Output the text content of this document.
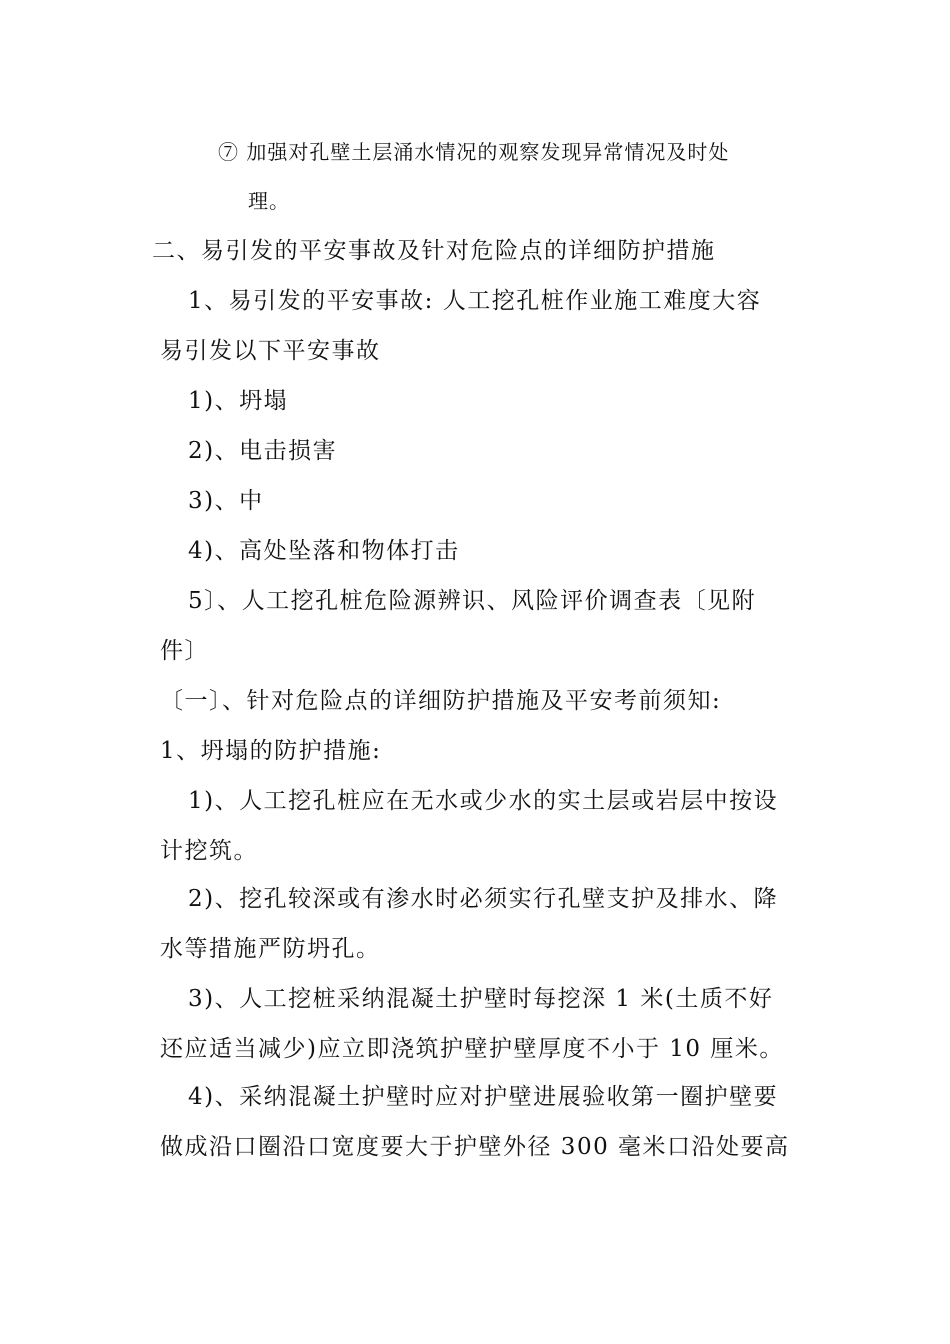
⑦ 加强对孔壁土层涌水情况的观察发现异常情况及时处
理。
二、易引发的平安事故及针对危险点的详细防护措施
1、易引发的平安事故: 人工挖孔桩作业施工难度大容
易引发以下平安事故
1)、坍塌
2)、电击损害
3)、中
4)、高处坠落和物体打击
5〕、人工挖孔桩危险源辨识、风险评价调查表〔见附
件〕
〔一〕、针对危险点的详细防护措施及平安考前须知:
1、坍塌的防护措施:
1)、人工挖孔桩应在无水或少水的实土层或岩层中按设
计挖筑。
2)、挖孔较深或有渗水时必须实行孔壁支护及排水、降
水等措施严防坍孔。
3)、人工挖桩采纳混凝土护壁时每挖深 1 米(土质不好
还应适当减少)应立即浇筑护壁护壁厚度不小于 10 厘米。
4)、采纳混凝土护壁时应对护壁进展验收第一圈护壁要
做成沿口圈沿口宽度要大于护壁外径 300 毫米口沿处要高
